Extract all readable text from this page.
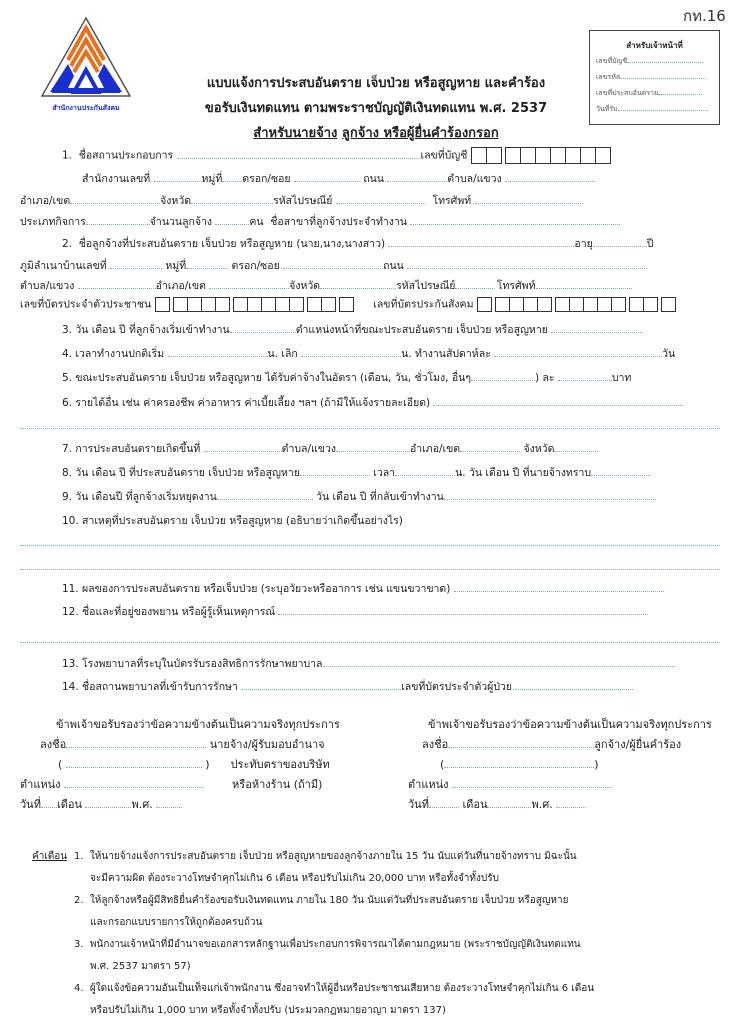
สำนักงานประกันสังคม
กท.16
สำหรับเจ้าหน้าที่
เลขที่บัญชี
เลขรหัส
เลขที่ประสบอันตราย
วันที่รับ
แบบแจ้งการประสบอันตราย เจ็บป่วย หรือสูญหาย และคำร้อง
ขอรับเงินทดแทน ตามพระราชบัญญัติเงินทดแทน พ.ศ. 2537
สำหรับนายจ้าง ลูกจ้าง หรือผู้ยื่นคำร้องกรอก
1. ชื่อสถานประกอบการ	เลขที่บัญชี
สำนักงานเลขที่	หมู่ที่ ตรอก/ซอย	ถนน	ตำบล/แขวง
อำเภอ/เขต	จังหวัด	รหัสไปรษณีย์	โทรศัพท์
ประเภทกิจการ	จำนวนลูกจ้าง	คน ชื่อสาขาที่ลูกจ้างประจำทำงาน
2. ชื่อลูกจ้างที่ประสบอันตราย เจ็บป่วย หรือสูญหาย (นาย,นาง,นางสาว)	อายุ	ปี
ภูมิลำเนาบ้านเลขที่	หมู่ที่	ตรอก/ซอย	ถนน
ตำบล/แขวง	อำเภอ/เขต	จังหวัด	รหัสไปรษณีย์	โทรศัพท์
เลขที่บัตรประจำตัวประชาชน	เลขที่บัตรประกันสังคม
3. วัน เดือน ปี ที่ลูกจ้างเริ่มเข้าทำงาน	ตำแหน่งหน้าที่ขณะประสบอันตราย เจ็บป่วย หรือสูญหาย
4. เวลาทำงานปกติเริ่ม	น. เลิก	น. ทำงานสัปดาห์ละ	วัน
5. ขณะประสบอันตราย เจ็บป่วย หรือสูญหาย ได้รับค่าจ้างในอัตรา (เดือน, วัน, ชั่วโมง, อื่นๆ	) ละ	บาท
6. รายได้อื่น เช่น ค่าครองชีพ ค่าอาหาร ค่าเบี้ยเลี้ยง ฯลฯ (ถ้ามีให้แจ้งรายละเอียด)
7. การประสบอันตรายเกิดขึ้นที่	ตำบล/แขวง	อำเภอ/เขต	จังหวัด
8. วัน เดือน ปี ที่ประสบอันตราย เจ็บป่วย หรือสูญหาย	เวลา	น. วัน เดือน ปี ที่นายจ้างทราบ
9. วัน เดือนปี ที่ลูกจ้างเริ่มหยุดงาน	วัน เดือน ปี ที่กลับเข้าทำงาน
10. สาเหตุที่ประสบอันตราย เจ็บป่วย หรือสูญหาย (อธิบายว่าเกิดขึ้นอย่างไร)
11. ผลของการประสบอันตราย หรือเจ็บป่วย (ระบุอวัยวะหรืออาการ เช่น แขนขวาขาด)
12. ชื่อและที่อยู่ของพยาน หรือผู้รู้เห็นเหตุการณ์
13. โรงพยาบาลที่ระบุในบัตรรับรองสิทธิการรักษาพยาบาล
14. ชื่อสถานพยาบาลที่เข้ารับการรักษา	เลขที่บัตรประจำตัวผู้ป่วย
ข้าพเจ้าขอรับรองว่าข้อความข้างต้นเป็นความจริงทุกประการ
ลงชื่อ	นายจ้าง/ผู้รับมอบอำนาจ
(	) ประทับตราของบริษัท
ตำแหน่ง	หรือห้างร้าน (ถ้ามี)
วันที่ เดือน	พ.ศ.
ข้าพเจ้าขอรับรองว่าข้อความข้างต้นเป็นความจริงทุกประการ
ลงชื่อ	ลูกจ้าง/ผู้ยื่นคำร้อง
(	)
ตำแหน่ง
วันที่	เดือน	พ.ศ.
คำเตือน 1. ให้นายจ้างแจ้งการประสบอันตราย เจ็บป่วย หรือสูญหายของลูกจ้างภายใน 15 วัน นับแต่วันที่นายจ้างทราบ มิฉะนั้น
จะมีความผิด ต้องระวางโทษจำคุกไม่เกิน 6 เดือน หรือปรับไม่เกิน 20,000 บาท หรือทั้งจำทั้งปรับ
2. ให้ลูกจ้างหรือผู้มีสิทธิยื่นคำร้องขอรับเงินทดแทน ภายใน 180 วัน นับแต่วันที่ประสบอันตราย เจ็บป่วย หรือสูญหาย
และกรอกแบบรายการให้ถูกต้องครบถ้วน
3. พนักงานเจ้าหน้าที่มีอำนาจขอเอกสารหลักฐานเพื่อประกอบการพิจารณาได้ตามกฎหมาย (พระราชบัญญัติเงินทดแทน
พ.ศ. 2537 มาตรา 57)
4. ผู้ใดแจ้งข้อความอันเป็นเท็จแก่เจ้าพนักงาน ซึ่งอาจทำให้ผู้อื่นหรือประชาชนเสียหาย ต้องระวางโทษจำคุกไม่เกิน 6 เดือน
หรือปรับไม่เกิน 1,000 บาท หรือทั้งจำทั้งปรับ (ประมวลกฎหมายอาญา มาตรา 137)
